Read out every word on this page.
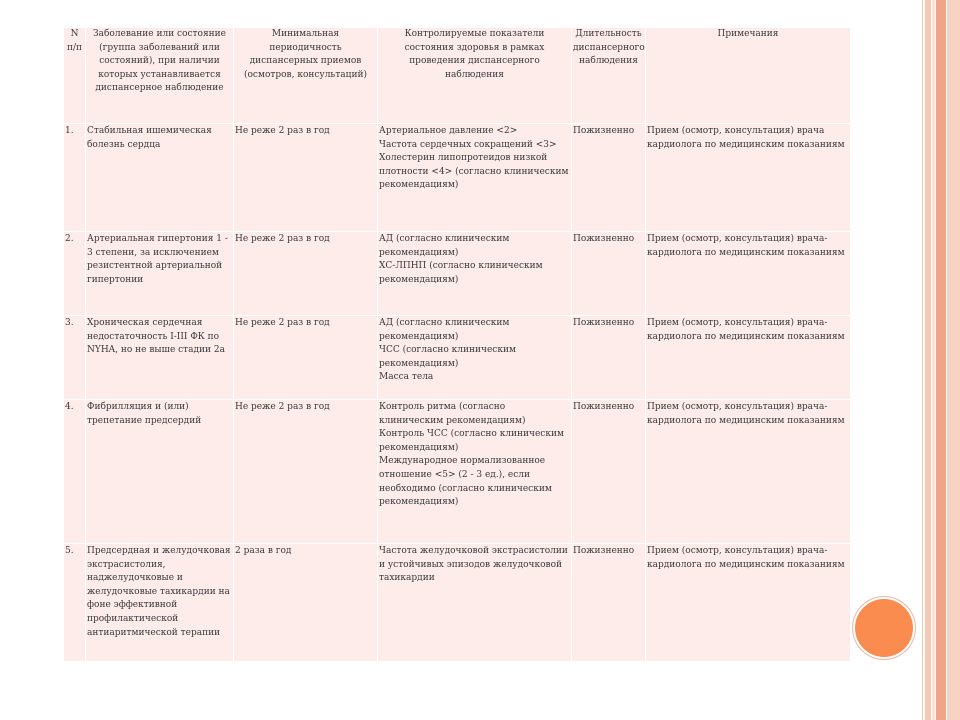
N п/п	Заболевание или состояние (группа заболеваний или состояний), при наличии которых устанавливается диспансерное наблюдение	Минимальная периодичность диспансерных приемов (осмотров, консультаций)	Контролируемые показатели состояния здоровья в рамках проведения диспансерного наблюдения	Длительность диспансерного наблюдения	Примечания
1.	Стабильная ишемическая болезнь сердца	Не реже 2 раз в год	Артериальное давление <2>
Частота сердечных сокращений <3>
Холестерин липопротеидов низкой плотности <4> (согласно клиническим рекомендациям)	Пожизненно	Прием (осмотр, консультация) врача кардиолога по медицинским показаниям
2.	Артериальная гипертония 1 - 3 степени, за исключением резистентной артериальной гипертонии	Не реже 2 раз в год	АД (согласно клиническим рекомендациям)
ХС-ЛПНП (согласно клиническим рекомендациям)	Пожизненно	Прием (осмотр, консультация) врача-кардиолога по медицинским показаниям
3.	Хроническая сердечная недостаточность I-III ФК по NYHA, но не выше стадии 2а	Не реже 2 раз в год	АД (согласно клиническим рекомендациям)
ЧСС (согласно клиническим рекомендациям)
Масса тела	Пожизненно	Прием (осмотр, консультация) врача-кардиолога по медицинским показаниям
4.	Фибрилляция и (или) трепетание предсердий	Не реже 2 раз в год	Контроль ритма (согласно клиническим рекомендациям)
Контроль ЧСС (согласно клиническим рекомендациям)
Международное нормализованное отношение <5> (2 - 3 ед.), если необходимо (согласно клиническим рекомендациям)	Пожизненно	Прием (осмотр, консультация) врача-кардиолога по медицинским показаниям
5.	Предсердная и желудочковая экстрасистолия, наджелудочковые и желудочковые тахикардии на фоне эффективной профилактической антиаритмической терапии	2 раза в год	Частота желудочковой экстрасистолии и устойчивых эпизодов желудочковой тахикардии	Пожизненно	Прием (осмотр, консультация) врача-кардиолога по медицинским показаниям
